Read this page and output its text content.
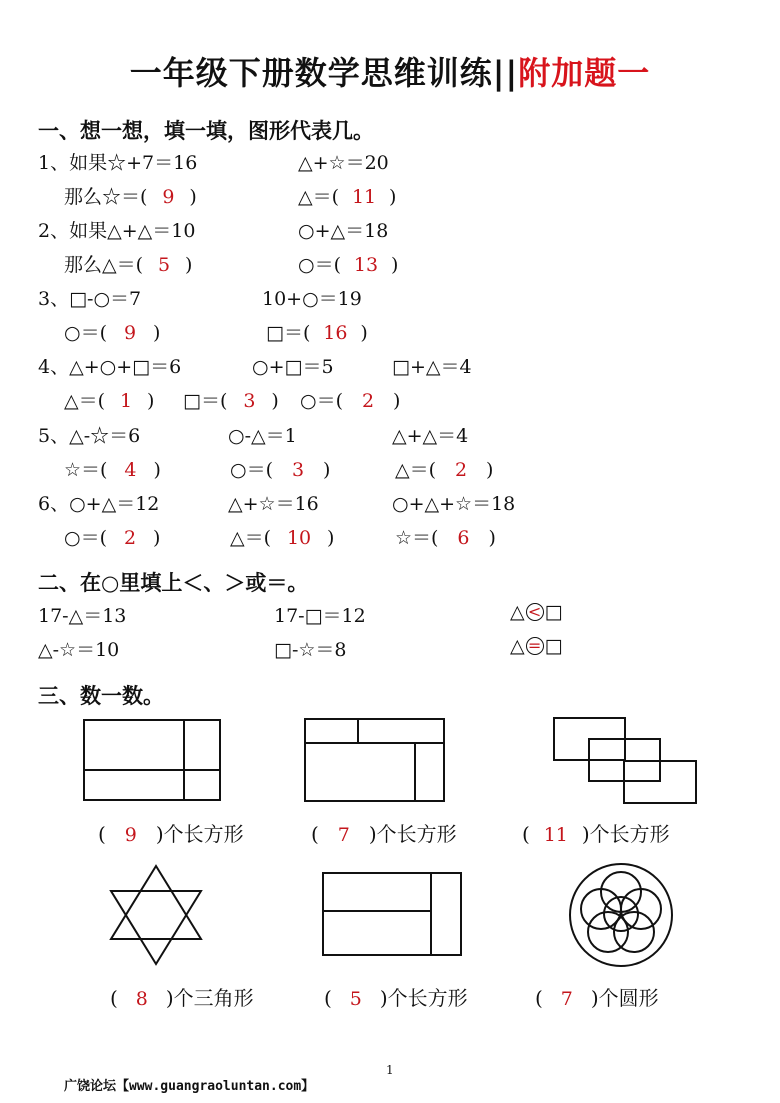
一年级下册数学思维训练||附加题一
一、想一想，填一填，图形代表几。
1、如果☆+7＝16	△+☆＝20
那么☆＝( 9 )	△＝( 11 )
2、如果△+△＝10	○+△＝18
那么△＝( 5 )	○＝( 13 )
3、□-○＝7	10+○＝19
○＝( 9 )	□＝( 16 )
4、△+○+□＝6	○+□＝5	□+△＝4
△＝( 1 ) □＝( 3 ) ○＝( 2 )
5、△-☆＝6	○-△＝1	△+△＝4
☆＝( 4 )	○＝( 3 )	△＝( 2 )
6、○+△＝12	△+☆＝16	○+△+☆＝18
○＝( 2 )	△＝( 10 )	☆＝( 6 )
二、在○里填上＜、＞或＝。
17-△＝13	17-□＝12	△ < □
△-☆＝10	□-☆＝8	△ = □
三、数一数。
( 9 )个长方形	( 7 )个长方形	( 11 )个长方形
( 8 )个三角形	( 5 )个长方形	( 7 )个圆形
1
广饶论坛【www.guangraoluntan.com】
